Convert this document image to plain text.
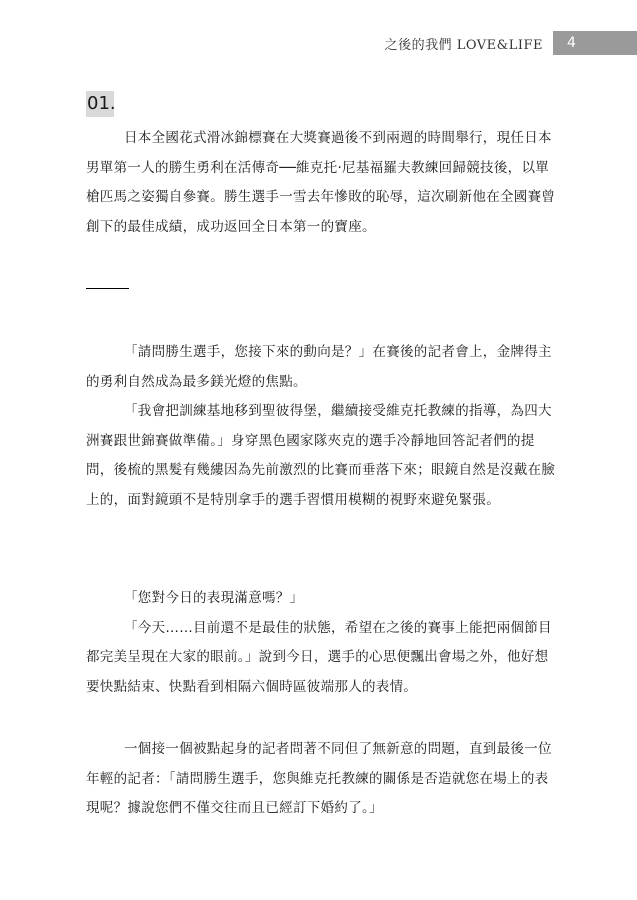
之後的我們 LOVE&LIFE	4
01.

日本全國花式滑冰錦標賽在大獎賽過後不到兩週的時間舉行，現任日本男單第一人的勝生勇利在活傳奇──維克托·尼基福羅夫教練回歸競技後，以單槍匹馬之姿獨自參賽。勝生選手一雪去年慘敗的恥辱，這次刷新他在全國賽曾創下的最佳成績，成功返回全日本第一的寶座。

「請問勝生選手，您接下來的動向是？」在賽後的記者會上，金牌得主的勇利自然成為最多鎂光燈的焦點。

「我會把訓練基地移到聖彼得堡，繼續接受維克托教練的指導，為四大洲賽跟世錦賽做準備。」身穿黑色國家隊夾克的選手冷靜地回答記者們的提問，後梳的黑髮有幾縷因為先前激烈的比賽而垂落下來；眼鏡自然是沒戴在臉上的，面對鏡頭不是特別拿手的選手習慣用模糊的視野來避免緊張。

「您對今日的表現滿意嗎？」

「今天……目前還不是最佳的狀態，希望在之後的賽事上能把兩個節目都完美呈現在大家的眼前。」說到今日，選手的心思便飄出會場之外，他好想要快點結束、快點看到相隔六個時區彼端那人的表情。

一個接一個被點起身的記者問著不同但了無新意的問題，直到最後一位年輕的記者：「請問勝生選手，您與維克托教練的關係是否造就您在場上的表現呢？據說您們不僅交往而且已經訂下婚約了。」
